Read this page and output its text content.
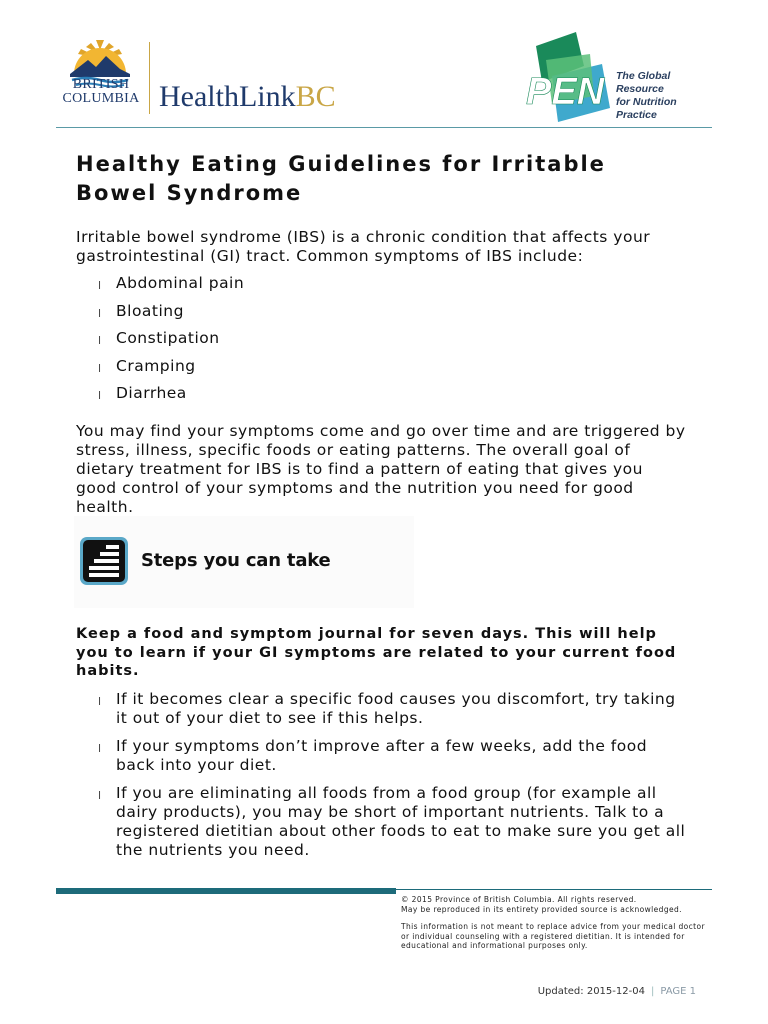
BRITISH
COLUMBIA HealthLinkBC	PEN The Global Resource
for Nutrition Practice
Healthy Eating Guidelines for Irritable Bowel Syndrome

Irritable bowel syndrome (IBS) is a chronic condition that affects your gastrointestinal (GI) tract. Common symptoms of IBS include:

l Abdominal pain
l Bloating
l Constipation
l Cramping
l Diarrhea

You may find your symptoms come and go over time and are triggered by stress, illness, specific foods or eating patterns. The overall goal of dietary treatment for IBS is to find a pattern of eating that gives you good control of your symptoms and the nutrition you need for good health.

Steps you can take

Keep a food and symptom journal for seven days. This will help you to learn if your GI symptoms are related to your current food habits.

l If it becomes clear a specific food causes you discomfort, try taking it out of your diet to see if this helps.
l If your symptoms don’t improve after a few weeks, add the food back into your diet.
l If you are eliminating all foods from a food group (for example all dairy products), you may be short of important nutrients. Talk to a registered dietitian about other foods to eat to make sure you get all the nutrients you need.
© 2015 Province of British Columbia. All rights reserved.
May be reproduced in its entirety provided source is acknowledged.

This information is not meant to replace advice from your medical doctor or individual counseling with a registered dietitian. It is intended for educational and informational purposes only.

Updated: 2015-12-04 | PAGE 1
